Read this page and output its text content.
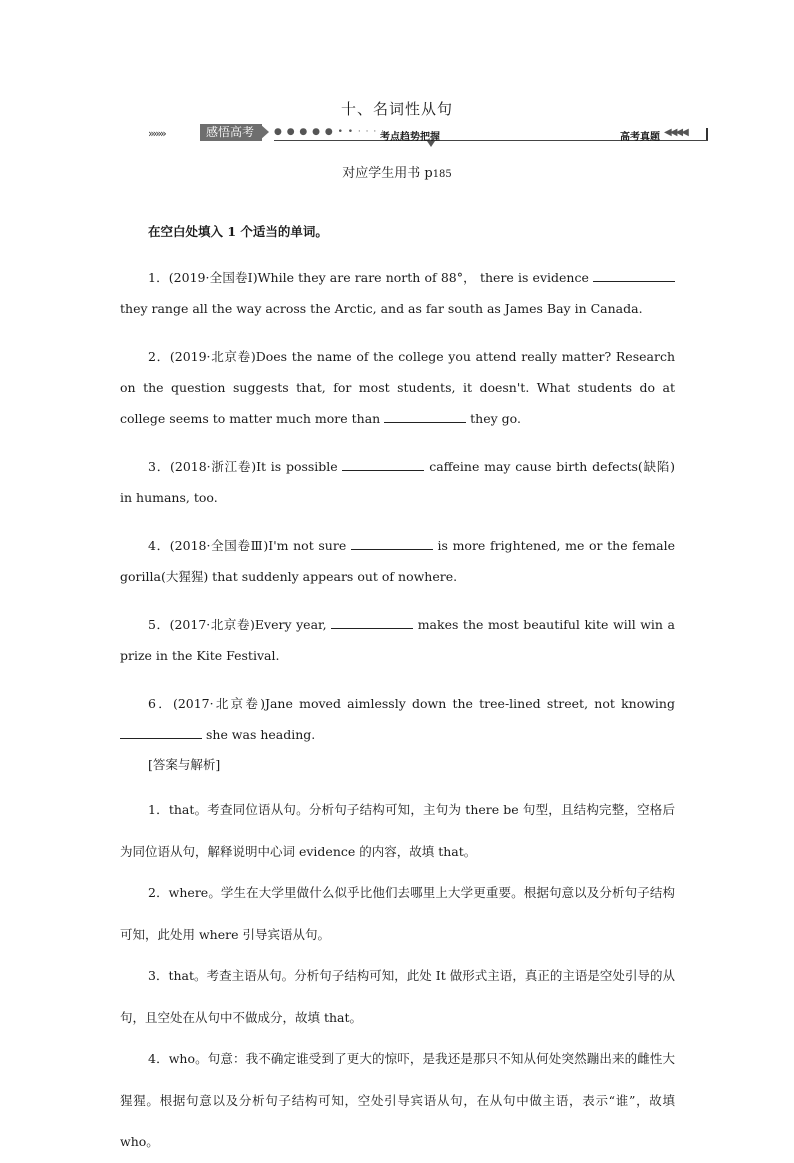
十、名词性从句
›››››››	感悟高考	● ● ● ● ● • • · · · ·
考点趋势把握	高考真题 ◀◀◀◀
对应学生用书 p185
在空白处填入 1 个适当的单词。
1．(2019·全国卷Ⅰ)While they are rare north of 88°， there is evidence  they range all the way across the Arctic, and as far south as James Bay in Canada.
2．(2019·北京卷)Does the name of the college you attend really matter? Research on the question suggests that, for most students, it doesn't. What students do at college seems to matter much more than	they go.
3．(2018·浙江卷)It is possible	caffeine may cause birth defects(缺陷) in humans, too.
4．(2018·全国卷Ⅲ)I'm not sure	is more frightened, me or the female gorilla(大猩猩) that suddenly appears out of nowhere.
5．(2017·北京卷)Every year,	makes the most beautiful kite will win a prize in the Kite Festival.
6．(2017·北京卷)Jane moved aimlessly down the tree-lined street, not knowing  she was heading.
[答案与解析]
1．that。考查同位语从句。分析句子结构可知，主句为 there be 句型，且结构完整，空格后为同位语从句，解释说明中心词 evidence 的内容，故填 that。
2．where。学生在大学里做什么似乎比他们去哪里上大学更重要。根据句意以及分析句子结构可知，此处用 where 引导宾语从句。
3．that。考查主语从句。分析句子结构可知，此处 It 做形式主语，真正的主语是空处引导的从句，且空处在从句中不做成分，故填 that。
4．who。句意：我不确定谁受到了更大的惊吓，是我还是那只不知从何处突然蹦出来的雌性大猩猩。根据句意以及分析句子结构可知，空处引导宾语从句，在从句中做主语，表示“谁”，故填 who。
